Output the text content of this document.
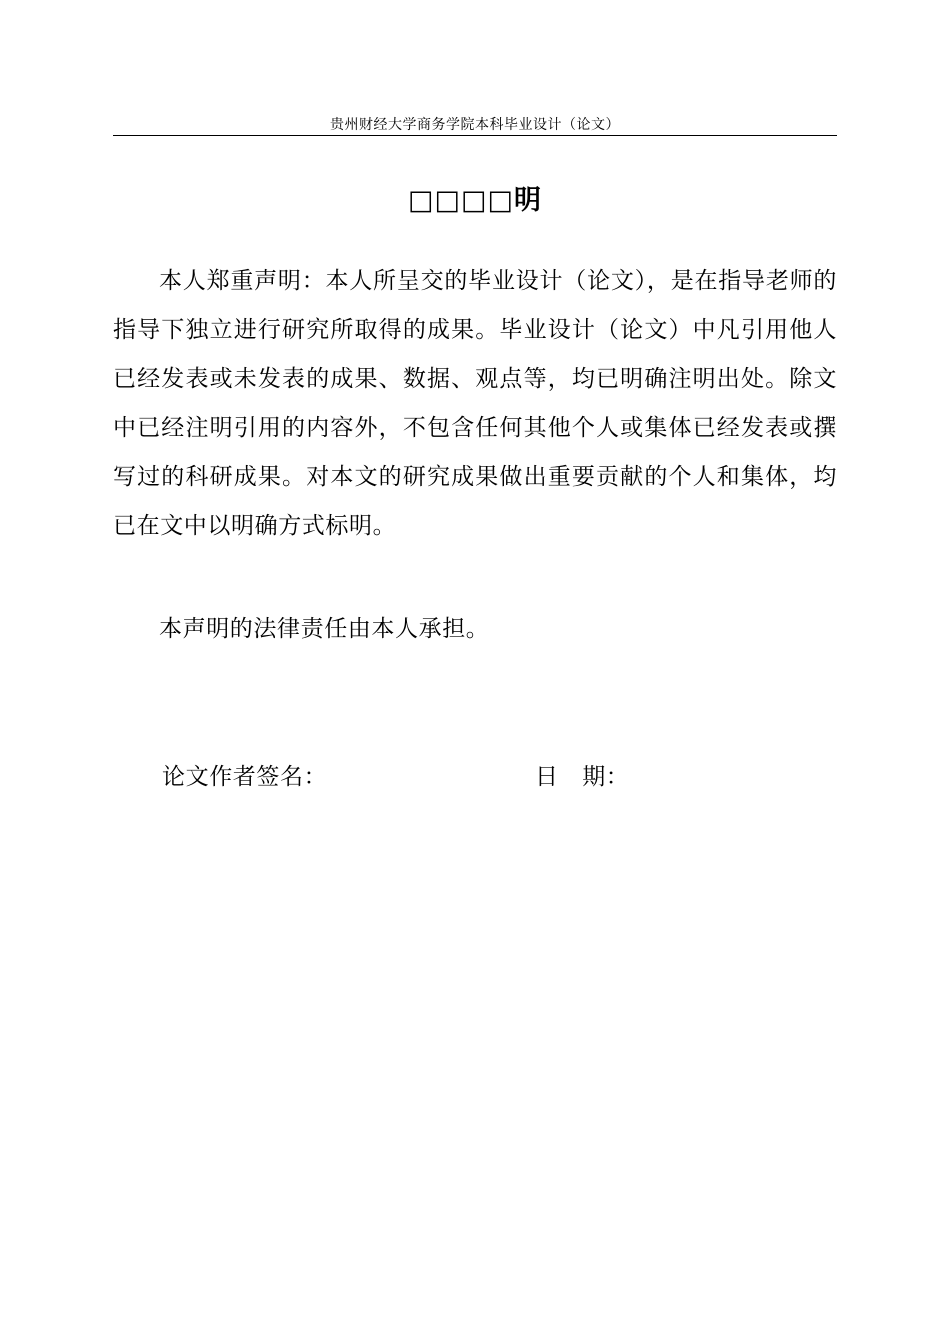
贵州财经大学商务学院本科毕业设计（论文）
□□□□明

本人郑重声明：本人所呈交的毕业设计（论文），是在指导老师的指导下独立进行研究所取得的成果。毕业设计（论文）中凡引用他人已经发表或未发表的成果、数据、观点等，均已明确注明出处。除文中已经注明引用的内容外，不包含任何其他个人或集体已经发表或撰写过的科研成果。对本文的研究成果做出重要贡献的个人和集体，均已在文中以明确方式标明。

本声明的法律责任由本人承担。

论文作者签名：	日　期：
